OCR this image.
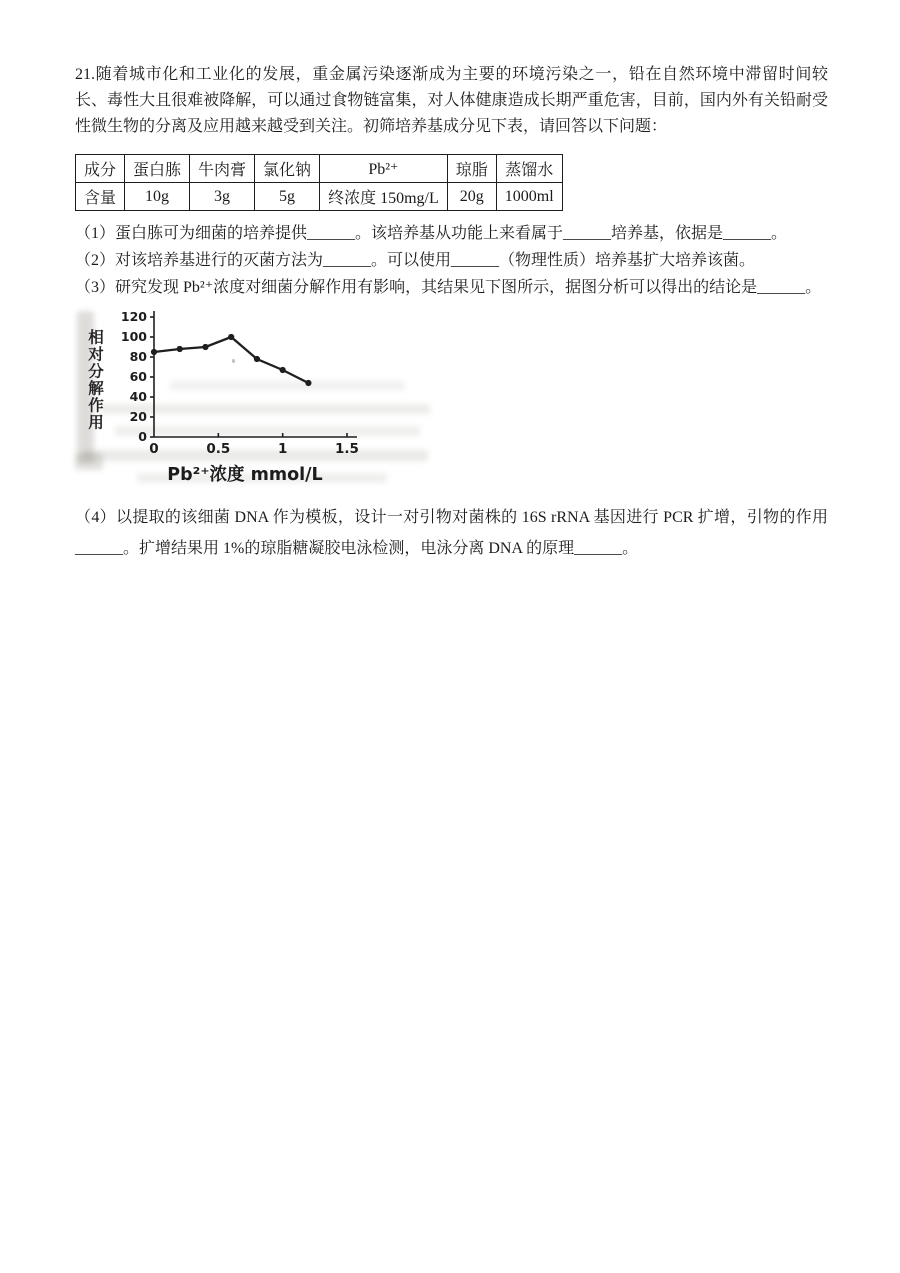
21.随着城市化和工业化的发展，重金属污染逐渐成为主要的环境污染之一，铅在自然环境中滞留时间较长、毒性大且很难被降解，可以通过食物链富集，对人体健康造成长期严重危害，目前，国内外有关铅耐受性微生物的分离及应用越来越受到关注。初筛培养基成分见下表，请回答以下问题：

成分	蛋白胨	牛肉膏	氯化钠	Pb²⁺	琼脂	蒸馏水
含量	10g	3g	5g	终浓度 150mg/L	20g	1000ml

（1）蛋白胨可为细菌的培养提供______。该培养基从功能上来看属于______培养基，依据是______。

（2）对该培养基进行的灭菌方法为______。可以使用______（物理性质）培养基扩大培养该菌。

（3）研究发现 Pb²⁺浓度对细菌分解作用有影响，其结果见下图所示，据图分析可以得出的结论是______。

相对分解作用
0
20
40
60
80
100
120
0	0.5	1	1.5
Pb²⁺浓度 mmol/L

（4）以提取的该细菌 DNA 作为模板，设计一对引物对菌株的 16S rRNA 基因进行 PCR 扩增，引物的作用______。扩增结果用 1%的琼脂糖凝胶电泳检测，电泳分离 DNA 的原理______。
